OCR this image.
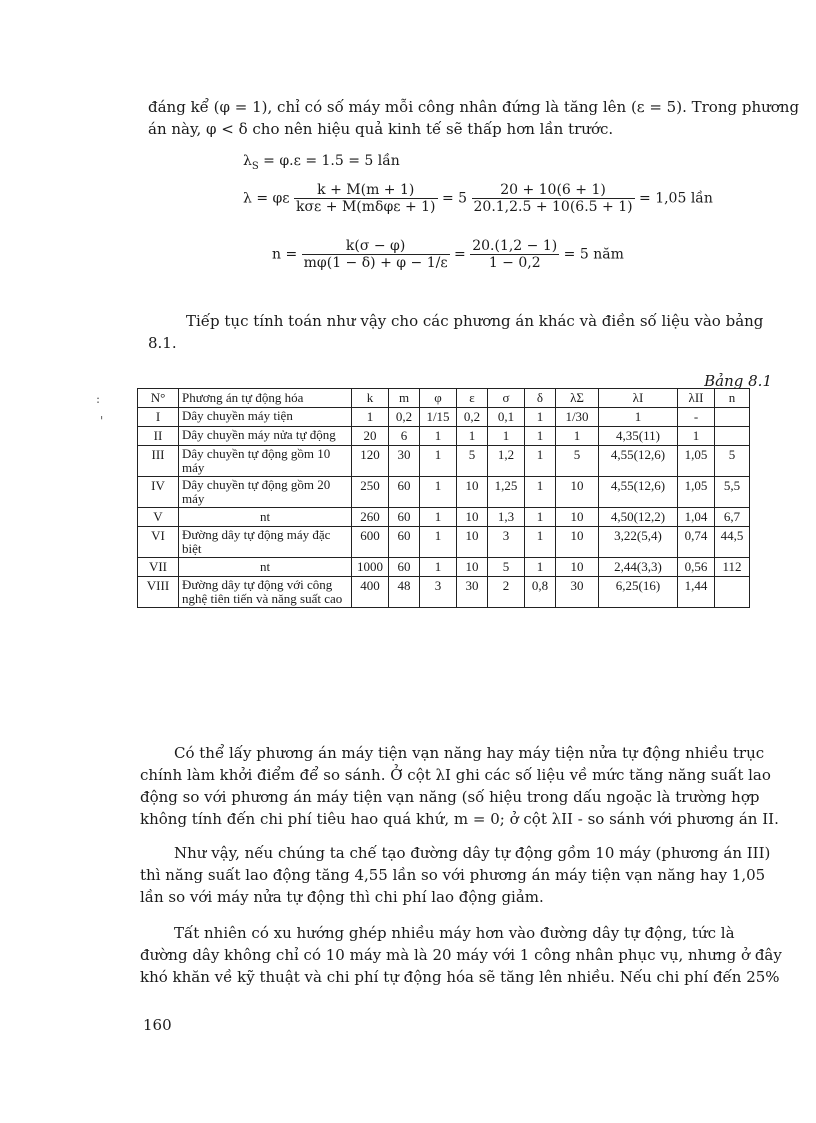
đáng kể (φ = 1), chỉ có số máy mỗi công nhân đứng là tăng lên (ε = 5). Trong phương
án này, φ < δ cho nên hiệu quả kinh tế sẽ thấp hơn lần trước.
$\lambda_S = \varphi.\varepsilon = 1.5 = 5$ lần
λ = φε $\frac{k + M(m + 1)}{\text{kσε + M(mδφε + 1)}} = 5 \frac{20 + 10(6 + 1)}{20.1,2.5 + 10(6.5 + 1)} = 1,05$ lần
$n = \frac{k(\sigma - \varphi)}{m\varphi(1 - \delta) + \varphi - 1/\varepsilon} = \frac{20.(1,2 - 1)}{1 - 0,2} = 5$ năm
Tiếp tục tính toán như vậy cho các phương án khác và điền số liệu vào bảng
8.1.
:
'
Bảng 8.1
N°	Phương án tự động hóa	k	m	φ	ε	σ	δ	λΣ	λI	λII	n
I	Dây chuyền máy tiện	1	0,2	1/15	0,2	0,1	1	1/30	1	-	
II	Dây chuyền máy nửa tự động	20	6	1	1	1	1	1	4,35(11)	1	
III	Dây chuyền tự động gồm 10 máy	120	30	1	5	1,2	1	5	4,55(12,6)	1,05	5
IV	Dây chuyền tự động gồm 20 máy	250	60	1	10	1,25	1	10	4,55(12,6)	1,05	5,5
V	nt	260	60	1	10	1,3	1	10	4,50(12,2)	1,04	6,7
VI	Đường dây tự động máy đặc biệt	600	60	1	10	3	1	10	3,22(5,4)	0,74	44,5
VII	nt	1000	60	1	10	5	1	10	2,44(3,3)	0,56	112
VIII	Đường dây tự động với công nghệ tiên tiến và năng suất cao	400	48	3	30	2	0,8	30	6,25(16)	1,44	
Có thể lấy phương án máy tiện vạn năng hay máy tiện nửa tự động nhiều trục
chính làm khởi điểm để so sánh. Ở cột λI ghi các số liệu về mức tăng năng suất lao
động so với phương án máy tiện vạn năng (số hiệu trong dấu ngoặc là trường hợp
không tính đến chi phí tiêu hao quá khứ, m = 0; ở cột λII - so sánh với phương án II.
Như vậy, nếu chúng ta chế tạo đường dây tự động gồm 10 máy (phương án III)
thì năng suất lao động tăng 4,55 lần so với phương án máy tiện vạn năng hay 1,05
lần so với máy nửa tự động thì chi phí lao động giảm.
Tất nhiên có xu hướng ghép nhiều máy hơn vào đường dây tự động, tức là
đường dây không chỉ có 10 máy mà là 20 máy với 1 công nhân phục vụ, nhưng ở đây
khó khăn về kỹ thuật và chi phí tự động hóa sẽ tăng lên nhiều. Nếu chi phí đến 25%
160
